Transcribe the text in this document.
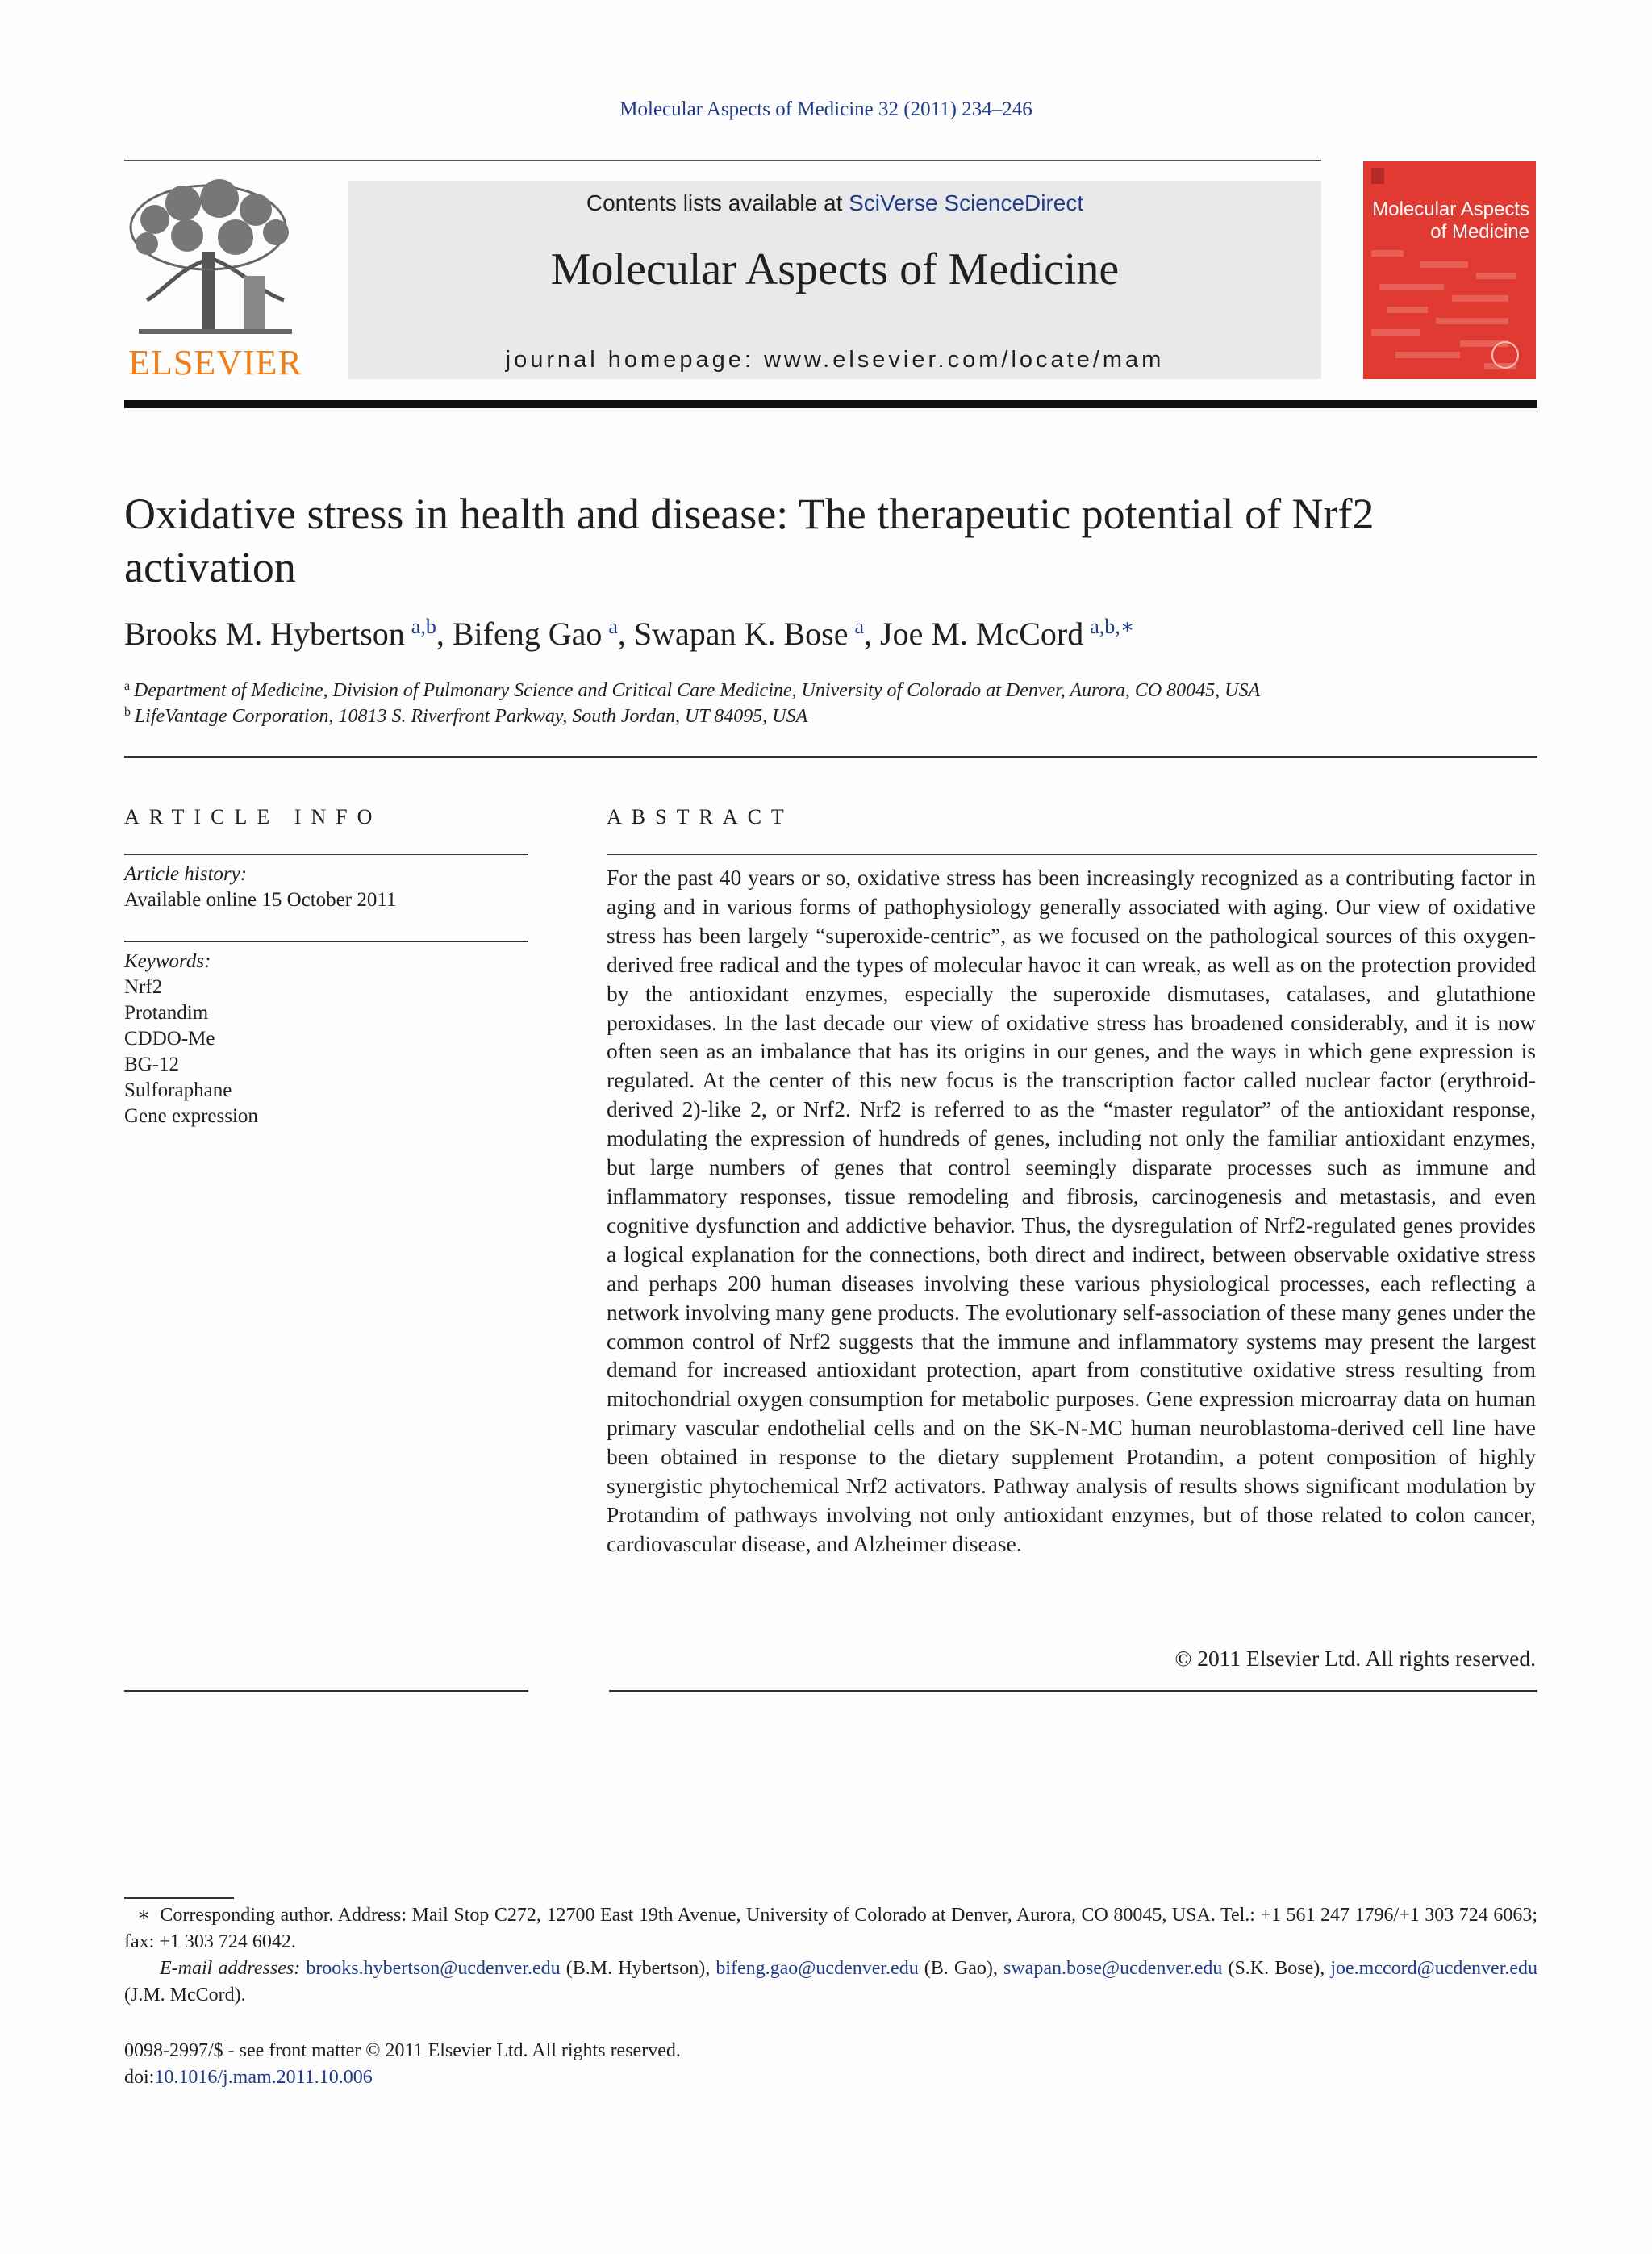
Molecular Aspects of Medicine 32 (2011) 234–246
ELSEVIER
Contents lists available at SciVerse ScienceDirect
Molecular Aspects of Medicine
journal homepage: www.elsevier.com/locate/mam
Molecular Aspects of Medicine
Oxidative stress in health and disease: The therapeutic potential of Nrf2 activation
Brooks M. Hybertson  $^{a,b}$, Bifeng Gao  $^a$, Swapan K. Bose  $^a$, Joe M. McCord  $^{a,b,∗}$
$^a$  Department of Medicine, Division of Pulmonary Science and Critical Care Medicine, University of Colorado at Denver, Aurora, CO 80045, USA
$^b$  LifeVantage Corporation, 10813 S. Riverfront Parkway, South Jordan, UT 84095, USA
ARTICLE INFO
Article history:
Available online 15 October 2011
Keywords:
Nrf2
Protandim
CDDO-Me
BG-12
Sulforaphane
Gene expression
ABSTRACT

For the past 40 years or so, oxidative stress has been increasingly recognized as a contributing factor in aging and in various forms of pathophysiology generally associated with aging. Our view of oxidative stress has been largely “superoxide-centric”, as we focused on the pathological sources of this oxygen-derived free radical and the types of molecular havoc it can wreak, as well as on the protection provided by the antioxidant enzymes, especially the superoxide dismutases, catalases, and glutathione peroxidases. In the last decade our view of oxidative stress has broadened considerably, and it is now often seen as an imbalance that has its origins in our genes, and the ways in which gene expression is regulated. At the center of this new focus is the transcription factor called nuclear factor (erythroid-derived 2)-like 2, or Nrf2. Nrf2 is referred to as the “master regulator” of the antioxidant response, modulating the expression of hundreds of genes, including not only the familiar antioxidant enzymes, but large numbers of genes that control seemingly disparate processes such as immune and inflammatory responses, tissue remodeling and fibrosis, carcinogenesis and metastasis, and even cognitive dysfunction and addictive behavior. Thus, the dysregulation of Nrf2-regulated genes provides a logical explanation for the connections, both direct and indirect, between observable oxidative stress and perhaps 200 human diseases involving these various physiological processes, each reflecting a network involving many gene products. The evolutionary self-association of these many genes under the common control of Nrf2 suggests that the immune and inflammatory systems may present the largest demand for increased antioxidant protection, apart from constitutive oxidative stress resulting from mitochondrial oxygen consumption for metabolic purposes. Gene expression microarray data on human primary vascular endothelial cells and on the SK-N-MC human neuroblastoma-derived cell line have been obtained in response to the dietary supplement Protandim, a potent composition of highly synergistic phytochemical Nrf2 activators. Pathway analysis of results shows significant modulation by Protandim of pathways involving not only antioxidant enzymes, but of those related to colon cancer, cardiovascular disease, and Alzheimer disease.

© 2011 Elsevier Ltd. All rights reserved.
∗  Corresponding author. Address: Mail Stop C272, 12700 East 19th Avenue, University of Colorado at Denver, Aurora, CO 80045, USA. Tel.: +1 561 247 1796/+1 303 724 6063; fax: +1 303 724 6042.
E-mail addresses: brooks.hybertson@ucdenver.edu (B.M. Hybertson), bifeng.gao@ucdenver.edu (B. Gao), swapan.bose@ucdenver.edu (S.K. Bose), joe.mccord@ucdenver.edu (J.M. McCord).
0098-2997/$ - see front matter © 2011 Elsevier Ltd. All rights reserved.
doi:10.1016/j.mam.2011.10.006
